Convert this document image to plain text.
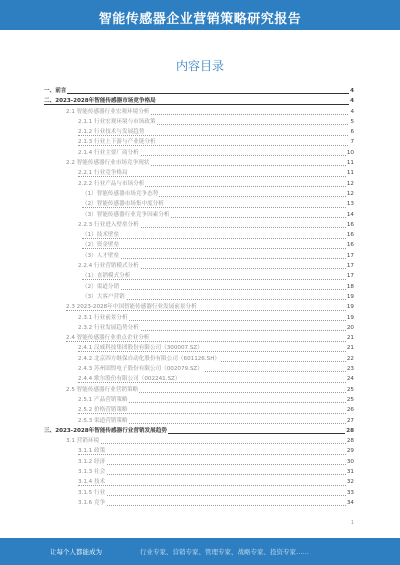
智能传感器企业营销策略研究报告
内容目录
一、前言	4
二、2023-2028年智能传感器市场竞争格局	4
2.1 智能传感器行业宏观环境分析	4
2.1.1 行业宏观环境与市场政策	5
2.1.2 行业技术与发展趋势	6
2.1.3 行业上下游与产业链分析	7
2.1.4 行业主要厂商分析	10
2.2 智能传感器行业市场竞争现状	11
2.2.1 行业竞争格局	11
2.2.2 行业产品与市场分析	12
（1）智能传感器市场竞争态势	12
（2）智能传感器市场集中度分析	13
（3）智能传感器行业竞争因素分析	14
2.2.3 行业进入壁垒分析	16
（1）技术壁垒	16
（2）资金壁垒	16
（3）人才壁垒	17
2.2.4 行业营销模式分析	17
（1）直销模式分析	17
（2）渠道分销	18
（3）大客户营销	19
2.3 2023-2028年中国智能传感器行业发展前景分析	19
2.3.1 行业前景分析	19
2.3.2 行业发展趋势分析	20
2.4 智能传感器行业重点企业分析	21
2.4.1 汉威科技集团股份有限公司（300007.SZ）	21
2.4.2 北京四方继保自动化股份有限公司（601126.SH）	22
2.4.3 苏州固锝电子股份有限公司（002079.SZ）	23
2.4.4 歌尔股份有限公司（002241.SZ）	24
2.5 智能传感器行业营销策略	25
2.5.1 产品营销策略	25
2.5.2 价格营销策略	26
2.5.3 渠道营销策略	27
三、2023-2028年智能传感器行业营销发展趋势	28
3.1 营销环境	28
3.1.1 政策	29
3.1.2 经济	30
3.1.3 社会	31
3.1.4 技术	32
3.1.5 行业	33
3.1.6 竞争	34
1
让每个人都能成为	行业专家、营销专家、管理专家、战略专家、投资专家……
